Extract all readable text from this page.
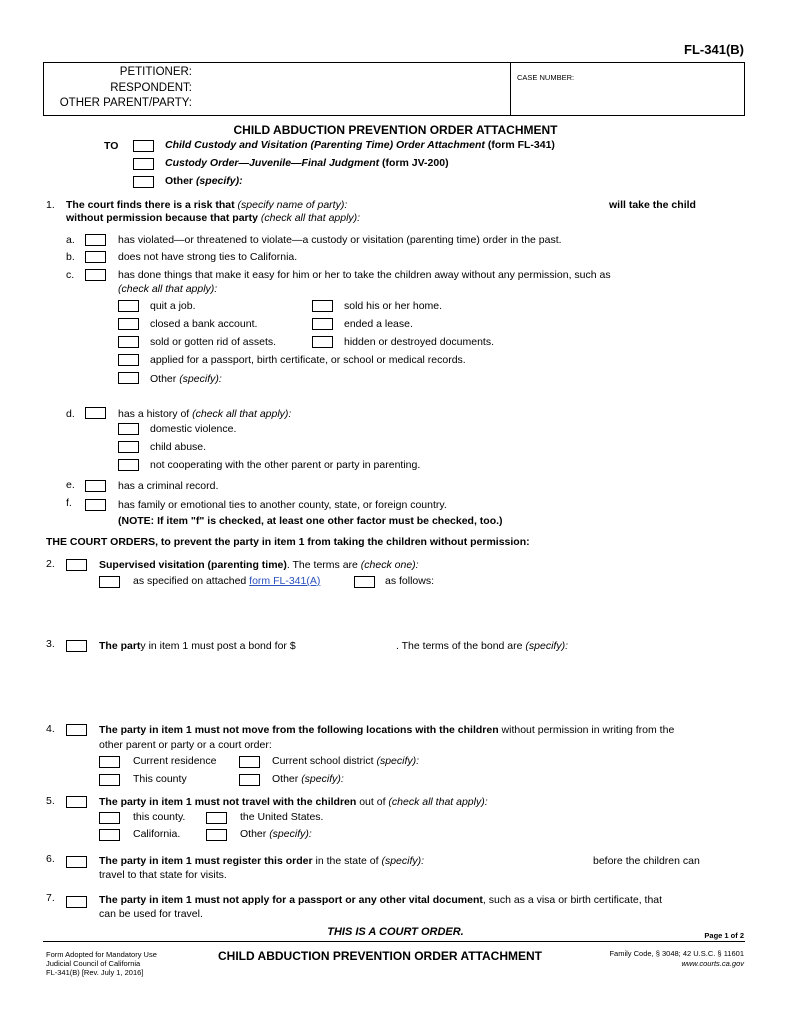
FL-341(B)
PETITIONER:
RESPONDENT:
OTHER PARENT/PARTY:
CASE NUMBER:
CHILD ABDUCTION PREVENTION ORDER ATTACHMENT
TO	Child Custody and Visitation (Parenting Time) Order Attachment (form FL-341)
Custody Order—Juvenile—Final Judgment (form JV-200)
Other (specify):
1. The court finds there is a risk that (specify name of party):	will take the child
without permission because that party (check all that apply):
a.	has violated—or threatened to violate—a custody or visitation (parenting time) order in the past.
b.	does not have strong ties to California.
c.	has done things that make it easy for him or her to take the children away without any permission, such as
(check all that apply):
quit a job.	sold his or her home.
closed a bank account.	ended a lease.
sold or gotten rid of assets.	hidden or destroyed documents.
applied for a passport, birth certificate, or school or medical records.
Other (specify):
d.	has a history of (check all that apply):
domestic violence.
child abuse.
not cooperating with the other parent or party in parenting.
e.	has a criminal record.
f.	has family or emotional ties to another county, state, or foreign country.
(NOTE: If item "f" is checked, at least one other factor must be checked, too.)
THE COURT ORDERS, to prevent the party in item 1 from taking the children without permission:
2.	Supervised visitation (parenting time). The terms are (check one):
as specified on attached form FL-341(A)	as follows:
3.	The party in item 1 must post a bond for $	. The terms of the bond are (specify):
4.	The party in item 1 must not move from the following locations with the children without permission in writing from the
other parent or party or a court order:
Current residence	Current school district (specify):
This county	Other (specify):
5.	The party in item 1 must not travel with the children out of (check all that apply):
this county.	the United States.
California.	Other (specify):
6.	The party in item 1 must register this order in the state of (specify):	before the children can
travel to that state for visits.
7.	The party in item 1 must not apply for a passport or any other vital document, such as a visa or birth certificate, that
can be used for travel.
THIS IS A COURT ORDER.	Page 1 of 2
Form Adopted for Mandatory Use
Judicial Council of California
FL-341(B) [Rev. July 1, 2016]
CHILD ABDUCTION PREVENTION ORDER ATTACHMENT	Family Code, § 3048; 42 U.S.C. § 11601
www.courts.ca.gov
